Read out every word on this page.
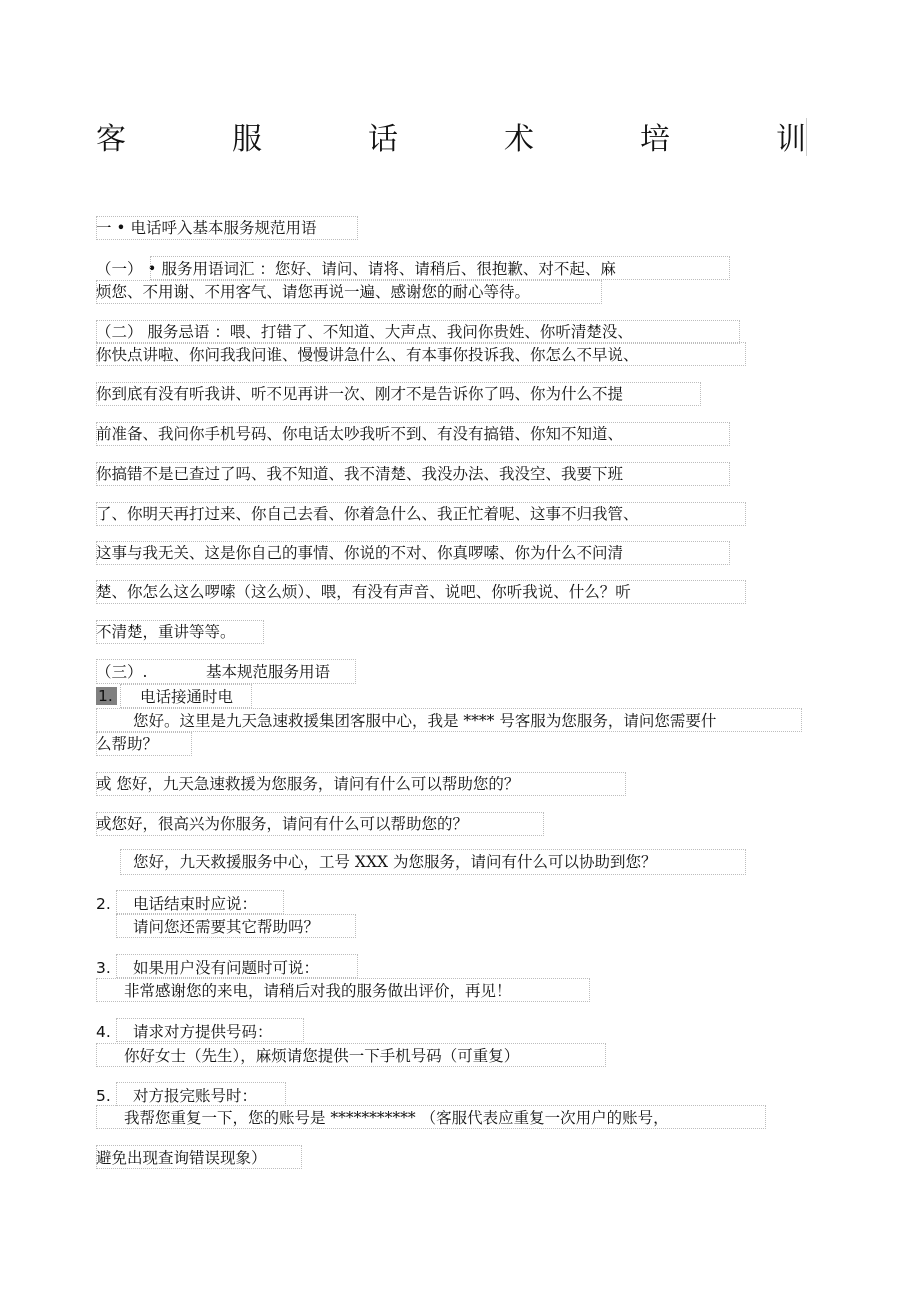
客	服	话	术	培	训
一 • 电话呼入基本服务规范用语
（一） • 服务用语词汇 ：您好、请问、请将、请稍后、很抱歉、对不起、麻
烦您、不用谢、不用客气、请您再说一遍、感谢您的耐心等待。
（二） 服务忌语 ：喂、打错了、不知道、大声点、我问你贵姓、你听清楚没、
你快点讲啦、你问我我问谁、慢慢讲急什么、有本事你投诉我、你怎么不早说、
你到底有没有听我讲、听不见再讲一次、刚才不是告诉你了吗、你为什么不提
前准备、我问你手机号码、你电话太吵我听不到、有没有搞错、你知不知道、
你搞错不是已查过了吗、我不知道、我不清楚、我没办法、我没空、我要下班
了、你明天再打过来、你自己去看、你着急什么、我正忙着呢、这事不归我管、
这事与我无关、这是你自己的事情、你说的不对、你真啰嗦、你为什么不问清
楚、你怎么这么啰嗦（这么烦）、喂，有没有声音、说吧、你听我说、什么？听
不清楚，重讲等等。
（三）.	基本规范服务用语
1. 电话接通时电
您好。这里是九天急速救援集团客服中心，我是 **** 号客服为您服务，请问您需要什
么帮助？
或 您好，九天急速救援为您服务，请问有什么可以帮助您的？
或您好，很高兴为你服务，请问有什么可以帮助您的？
您好，九天救援服务中心，工号 XXX 为您服务，请问有什么可以协助到您？
2. 电话结束时应说：
请问您还需要其它帮助吗？
3. 如果用户没有问题时可说：
非常感谢您的来电，请稍后对我的服务做出评价，再见！
4. 请求对方提供号码：
你好女士（先生），麻烦请您提供一下手机号码（可重复）
5. 对方报完账号时：
我帮您重复一下，您的账号是 *********** （客服代表应重复一次用户的账号，
避免出现查询错误现象）
